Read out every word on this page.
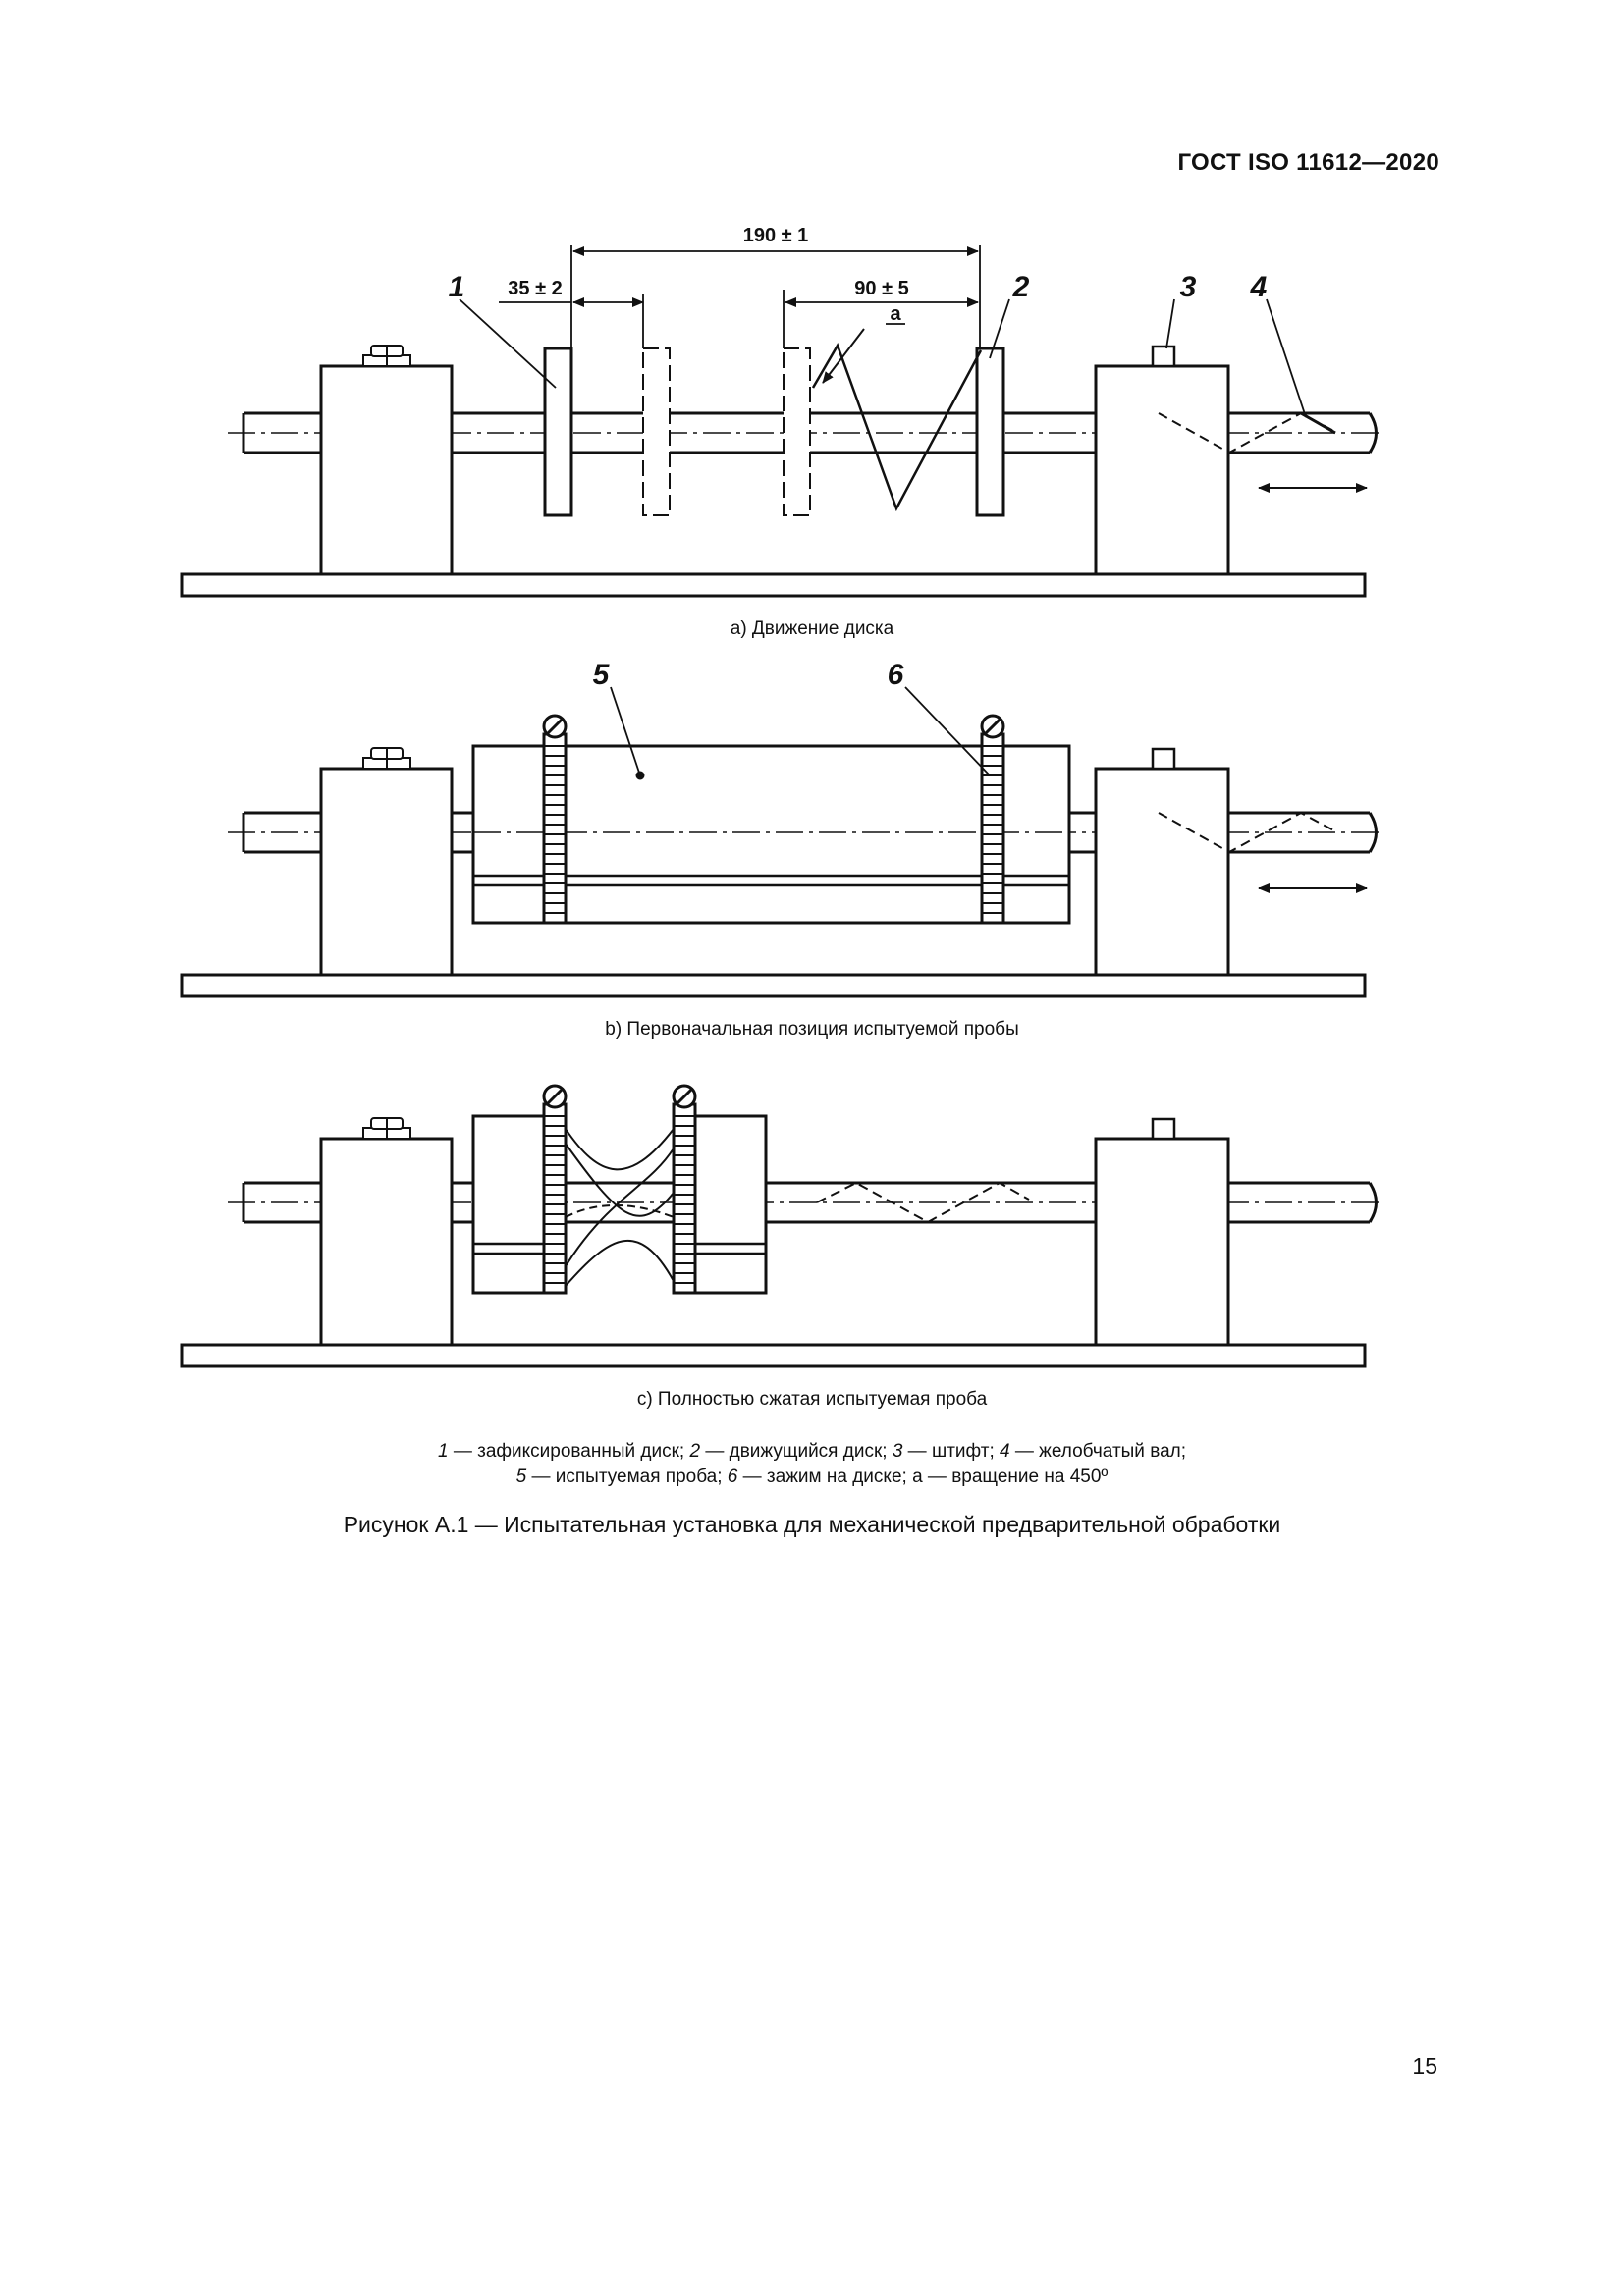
ГОСТ ISO 11612—2020
190 ± 1
35 ± 2	90 ± 5
a
1	2	3 4
5	6
a) Движение диска
b) Первоначальная позиция испытуемой пробы
c) Полностью сжатая испытуемая проба
1 — зафиксированный диск; 2 — движущийся диск; 3 — штифт; 4 — желобчатый вал;
5 — испытуемая проба; 6 — зажим на диске; a — вращение на 450º
Рисунок А.1 — Испытательная установка для механической предварительной обработки
15
